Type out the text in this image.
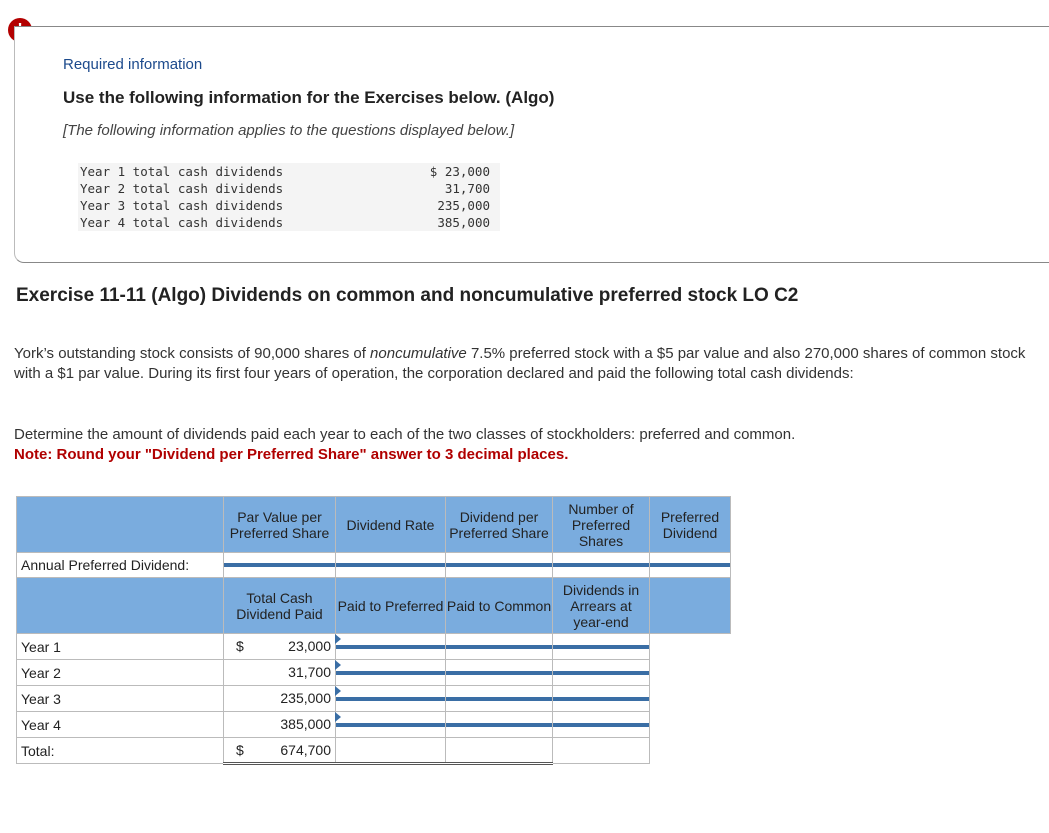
Required information
Use the following information for the Exercises below. (Algo)
[The following information applies to the questions displayed below.]
Year 1 total cash dividends	$ 23,000
Year 2 total cash dividends	31,700
Year 3 total cash dividends	235,000
Year 4 total cash dividends	385,000
Exercise 11-11 (Algo) Dividends on common and noncumulative preferred stock LO C2
York’s outstanding stock consists of 90,000 shares of noncumulative 7.5% preferred stock with a $5 par value and also 270,000 shares of common stock with a $1 par value. During its first four years of operation, the corporation declared and paid the following total cash dividends:
Determine the amount of dividends paid each year to each of the two classes of stockholders: preferred and common.
Note: Round your "Dividend per Preferred Share" answer to 3 decimal places.
	Par Value per Preferred Share	Dividend Rate	Dividend per Preferred Share	Number of Preferred Shares	Preferred Dividend
Annual Preferred Dividend:	

	Total Cash Dividend Paid	Paid to Preferred	Paid to Common	Dividends in Arrears at year-end	
Year 1	$ 23,000				

Year 2	31,700				

Year 3	235,000				

Year 4	385,000				

Total:	$ 674,700				
